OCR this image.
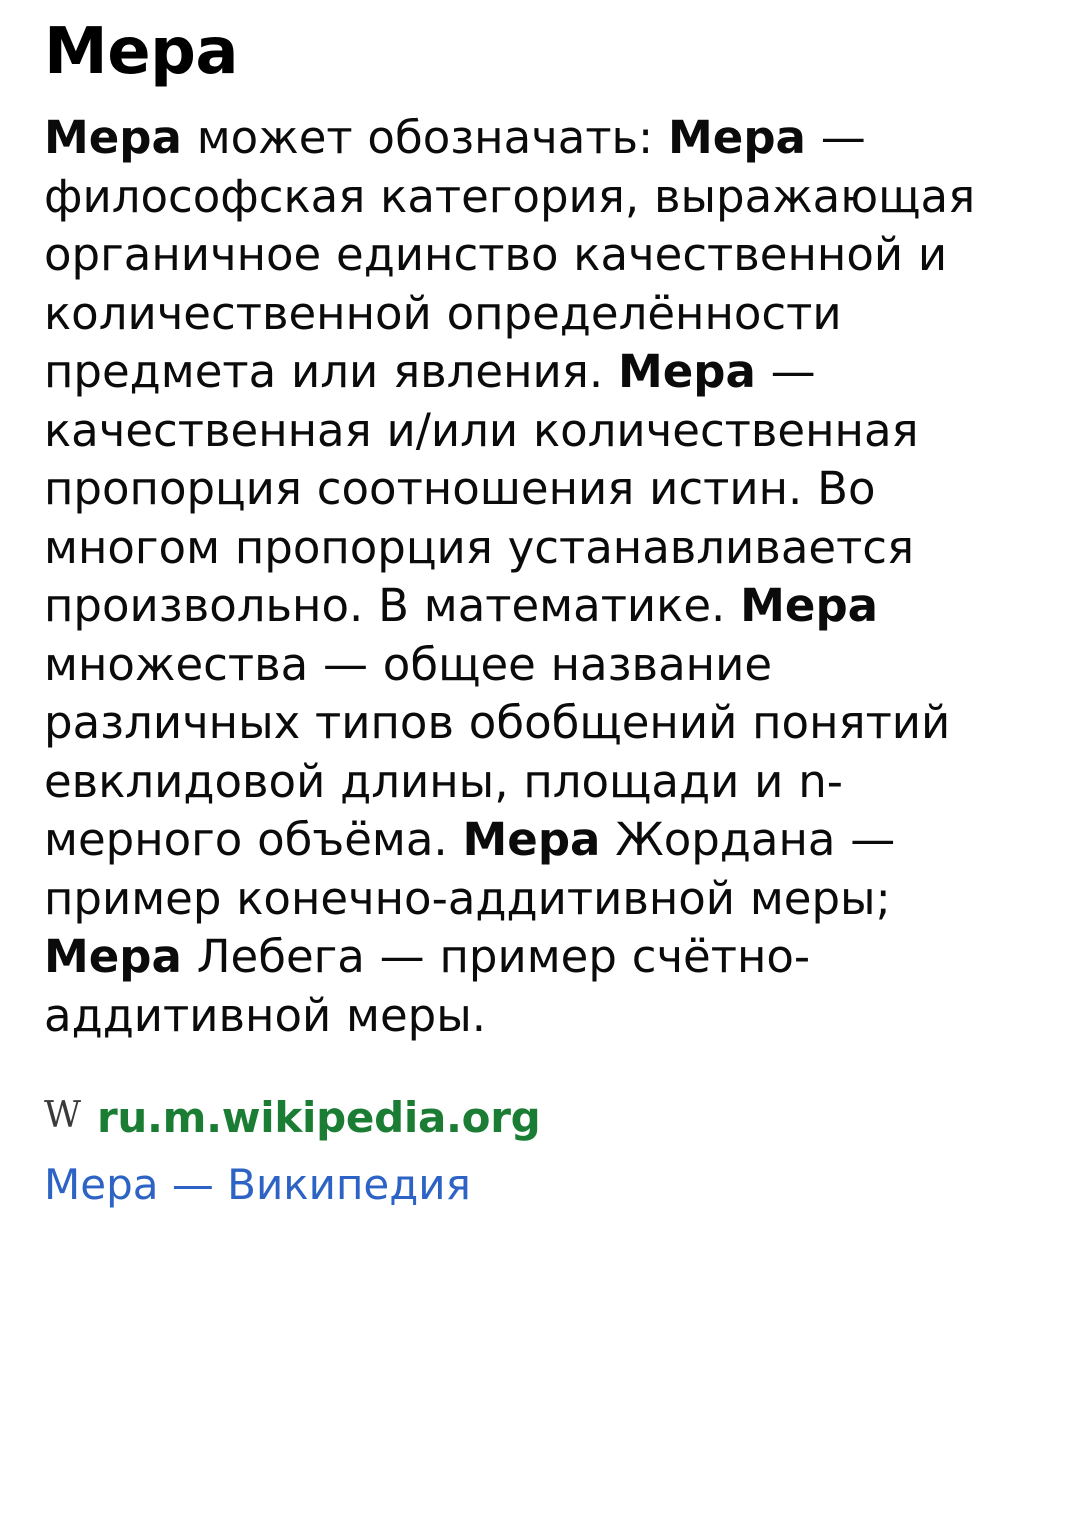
Мера

Мера может обозначать: Мера — философская категория, выражающая органичное единство качественной и количественной определённости предмета или явления. Мера — качественная и/или количественная пропорция соотношения истин. Во многом пропорция устанавливается произвольно. В математике. Мера множества — общее название различных типов обобщений понятий евклидовой длины, площади и n-мерного объёма. Мера Жордана — пример конечно-аддитивной меры; Мера Лебега — пример счётно-аддитивной меры.

W ru.m.wikipedia.org
Мера — Википедия
